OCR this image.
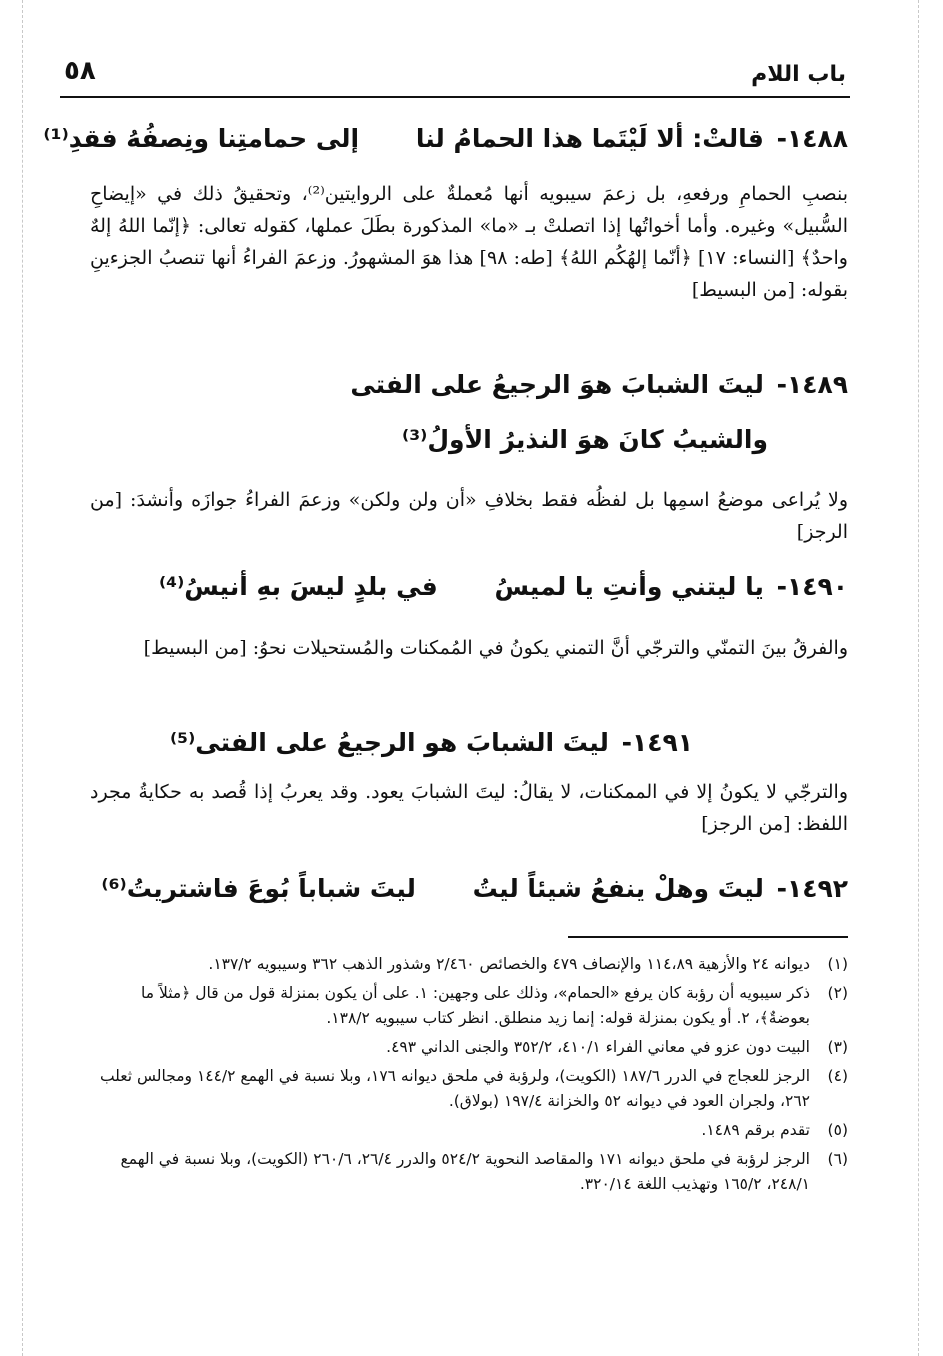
باب اللام
٥٨
١٤٨٨- قالتْ: ألا لَيْتَما هذا الحمامُ لنا إلى حمامتِنا ونِصفُهُ فقدِ⁽¹⁾

بنصبِ الحمامِ ورفعهِ، بل زعمَ سيبويه أنها مُعملةٌ على الروايتين⁽²⁾، وتحقيقُ ذلك في «إيضاحِ السُّبيل» وغيره. وأما أخواتُها إذا اتصلتْ بـ «ما» المذكورة بطَلَ عملها، كقوله تعالى: ﴿إنّما اللهُ إلهٌ واحدٌ﴾ [النساء: ١٧] ﴿أنّما إلهُكُم اللهُ﴾ [طه: ٩٨] هذا هوَ المشهورُ. وزعمَ الفراءُ أنها تنصبُ الجزءينِ بقوله: [من البسيط]

١٤٨٩- ليتَ الشبابَ هوَ الرجيعُ على الفتى
والشيبُ كانَ هوَ النذيرُ الأولُ⁽³⁾

ولا يُراعى موضعُ اسمِها بل لفظُه فقط بخلافِ «أن ولن ولكن» وزعمَ الفراءُ جوازَه وأنشدَ: [من الرجز]

١٤٩٠- يا ليتني وأنتِ يا لميسُ في بلدٍ ليسَ بهِ أنيسُ⁽⁴⁾

والفرقُ بينَ التمنّي والترجّي أنَّ التمني يكونُ في المُمكنات والمُستحيلات نحوُ: [من البسيط]

١٤٩١- ليتَ الشبابَ هو الرجيعُ على الفتى⁽⁵⁾

والترجّي لا يكونُ إلا في الممكنات، لا يقالُ: ليتَ الشبابَ يعود. وقد يعربُ إذا قُصد به حكايةُ مجرد اللفظ: [من الرجز]

١٤٩٢- ليتَ وهلْ ينفعُ شيئاً ليتُ ليتَ شباباً بُوعَ فاشتريتُ⁽⁶⁾
(١)
ديوانه ٢٤ والأزهية ١١٤،٨٩ والإنصاف ٤٧٩ والخصائص ٢/٤٦٠ وشذور الذهب ٣٦٢ وسيبويه ١٣٧/٢.
(٢)
ذكر سيبويه أن رؤبة كان يرفع «الحمام»، وذلك على وجهين: ١. على أن يكون بمنزلة قول من قال ﴿مثلاً ما بعوضةٌ﴾، ٢. أو يكون بمنزلة قوله: إنما زيد منطلق. انظر كتاب سيبويه ١٣٨/٢.
(٣)
البيت دون عزو في معاني الفراء ٤١٠/١، ٣٥٢/٢ والجنى الداني ٤٩٣.
(٤)
الرجز للعجاج في الدرر ١٨٧/٦ (الكويت)، ولرؤبة في ملحق ديوانه ١٧٦، وبلا نسبة في الهمع ١٤٤/٢ ومجالس ثعلب ٢٦٢، ولجران العود في ديوانه ٥٢ والخزانة ١٩٧/٤ (بولاق).
(٥)
تقدم برقم ١٤٨٩.
(٦)
الرجز لرؤبة في ملحق ديوانه ١٧١ والمقاصد النحوية ٥٢٤/٢ والدرر ٢٦/٤، ٢٦٠/٦ (الكويت)، وبلا نسبة في الهمع ٢٤٨/١، ١٦٥/٢ وتهذيب اللغة ٣٢٠/١٤.
